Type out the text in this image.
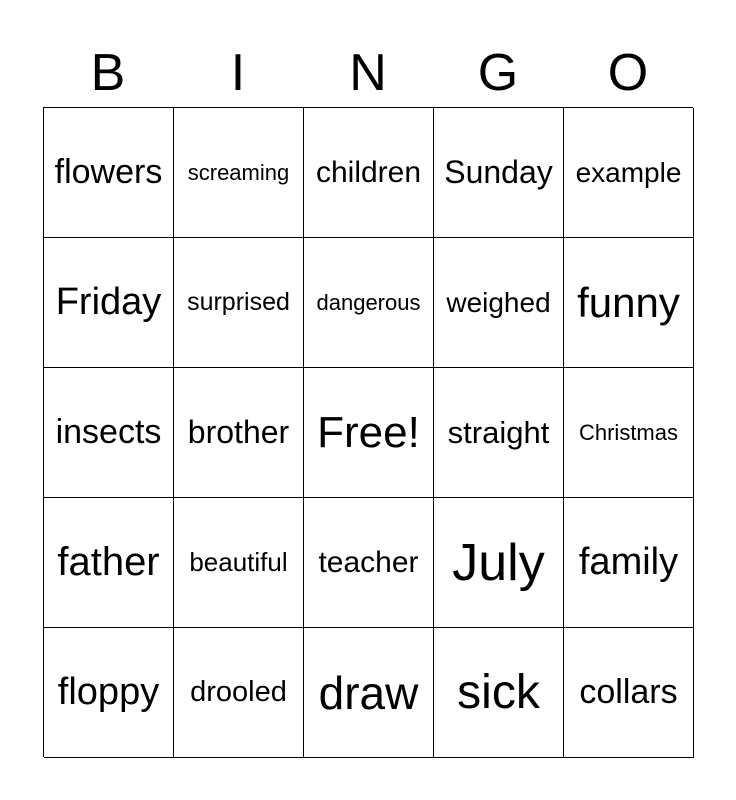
B	I	N	G	O
flowers	screaming children Sunday example
Friday	surprised	dangerous weighed funny
insects brother Free! straight	Christmas
father	beautiful	teacher July family
floppy	drooled draw sick	collars
